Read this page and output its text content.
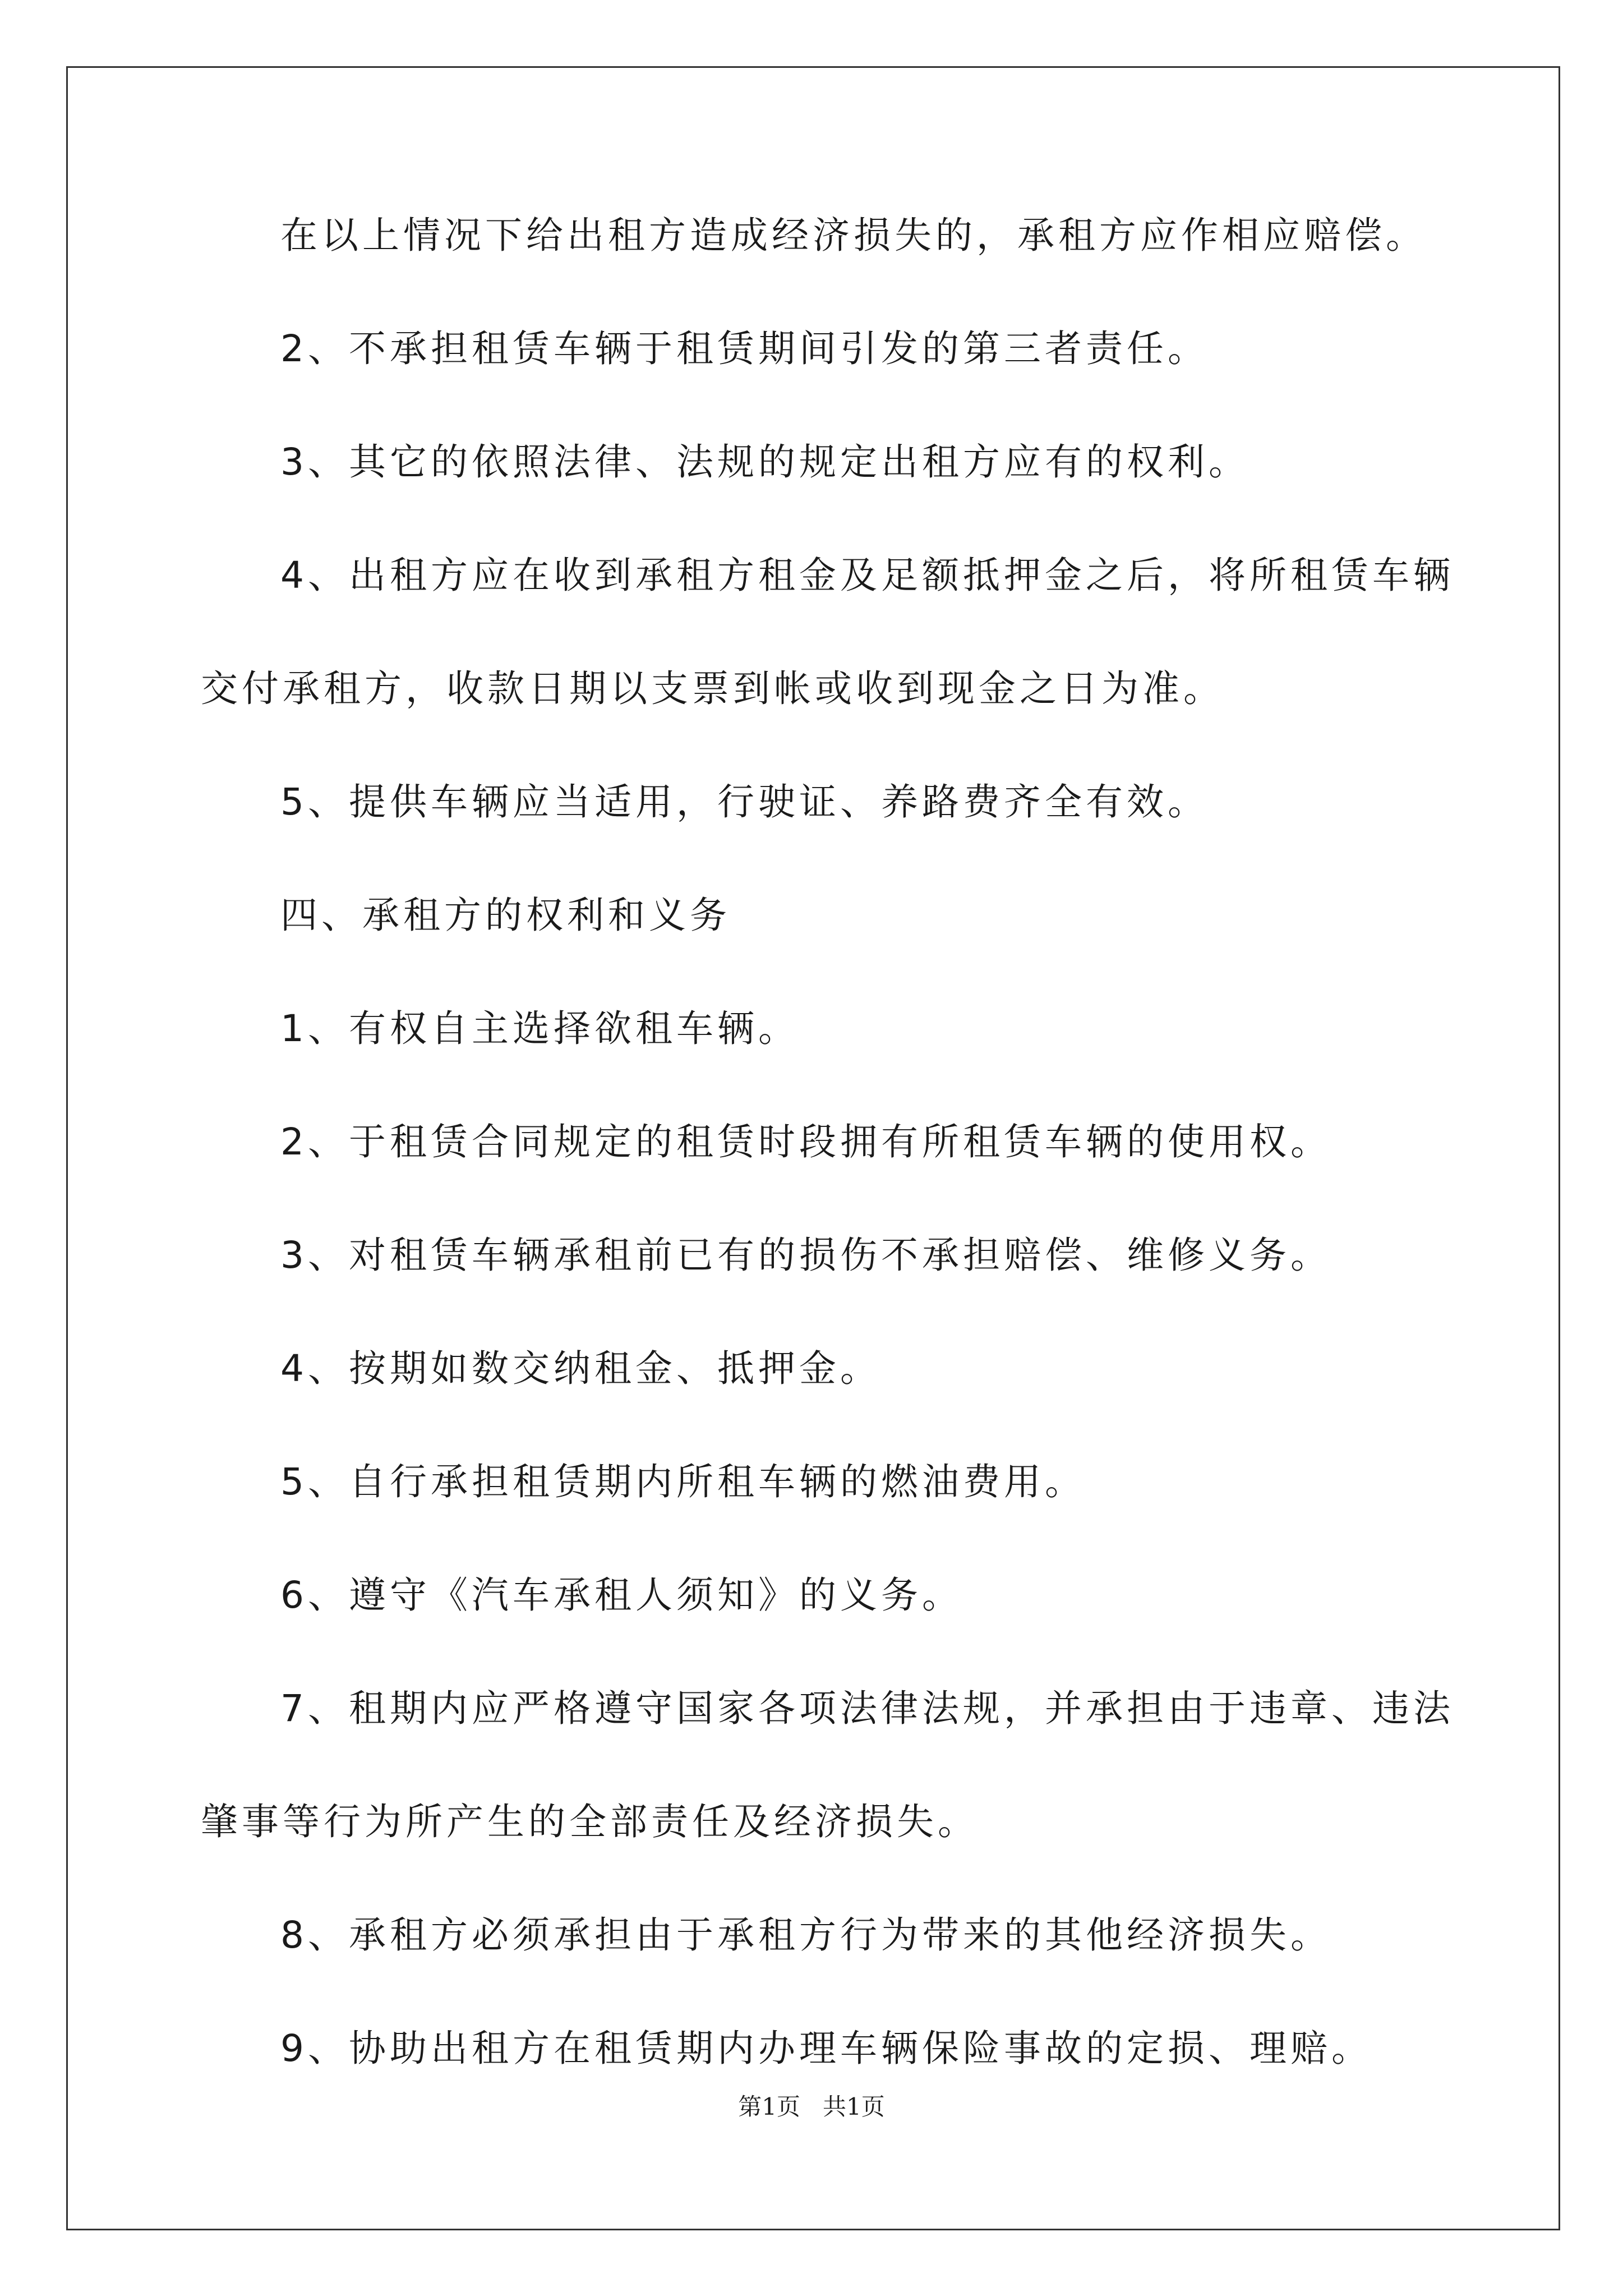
在以上情况下给出租方造成经济损失的，承租方应作相应赔偿。
2、不承担租赁车辆于租赁期间引发的第三者责任。
3、其它的依照法律、法规的规定出租方应有的权利。
4、出租方应在收到承租方租金及足额抵押金之后，将所租赁车辆
交付承租方，收款日期以支票到帐或收到现金之日为准。
5、提供车辆应当适用，行驶证、养路费齐全有效。
四、承租方的权利和义务
1、有权自主选择欲租车辆。
2、于租赁合同规定的租赁时段拥有所租赁车辆的使用权。
3、对租赁车辆承租前已有的损伤不承担赔偿、维修义务。
4、按期如数交纳租金、抵押金。
5、自行承担租赁期内所租车辆的燃油费用。
6、遵守《汽车承租人须知》的义务。
7、租期内应严格遵守国家各项法律法规，并承担由于违章、违法
肇事等行为所产生的全部责任及经济损失。
8、承租方必须承担由于承租方行为带来的其他经济损失。
9、协助出租方在租赁期内办理车辆保险事故的定损、理赔。
第1页   共1页
